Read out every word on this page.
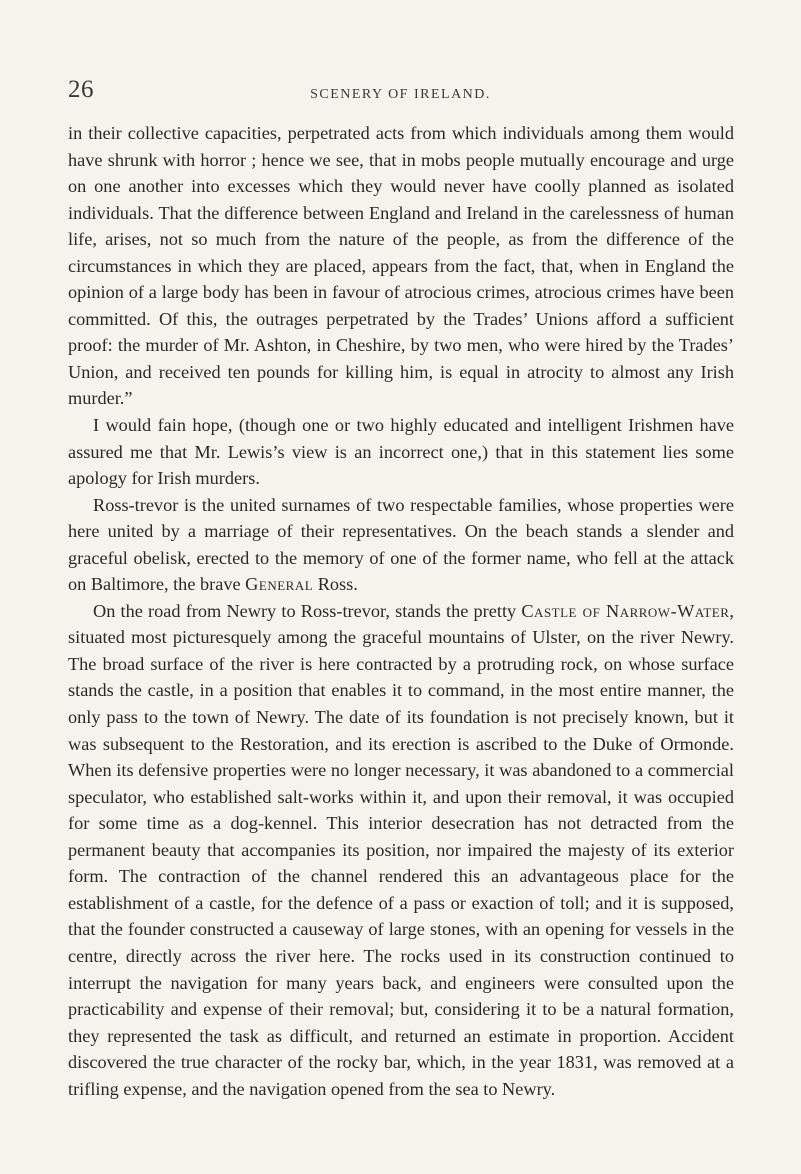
26	SCENERY OF IRELAND.

in their collective capacities, perpetrated acts from which individuals among them would have shrunk with horror ; hence we see, that in mobs people mutually encourage and urge on one another into excesses which they would never have coolly planned as isolated individuals. That the difference between England and Ireland in the carelessness of human life, arises, not so much from the nature of the people, as from the difference of the circumstances in which they are placed, appears from the fact, that, when in England the opinion of a large body has been in favour of atrocious crimes, atrocious crimes have been committed. Of this, the outrages perpetrated by the Trades’ Unions afford a sufficient proof: the murder of Mr. Ashton, in Cheshire, by two men, who were hired by the Trades’ Union, and received ten pounds for killing him, is equal in atrocity to almost any Irish murder.”

I would fain hope, (though one or two highly educated and intelligent Irishmen have assured me that Mr. Lewis’s view is an incorrect one,) that in this statement lies some apology for Irish murders.

Ross-trevor is the united surnames of two respectable families, whose properties were here united by a marriage of their representatives. On the beach stands a slender and graceful obelisk, erected to the memory of one of the former name, who fell at the attack on Baltimore, the brave General Ross.

On the road from Newry to Ross-trevor, stands the pretty Castle of Narrow-Water, situated most picturesquely among the graceful mountains of Ulster, on the river Newry. The broad surface of the river is here contracted by a protruding rock, on whose surface stands the castle, in a position that enables it to command, in the most entire manner, the only pass to the town of Newry. The date of its foundation is not precisely known, but it was subsequent to the Restoration, and its erection is ascribed to the Duke of Ormonde. When its defensive properties were no longer necessary, it was abandoned to a commercial speculator, who established salt-works within it, and upon their removal, it was occupied for some time as a dog-kennel. This interior desecration has not detracted from the permanent beauty that accompanies its position, nor impaired the majesty of its exterior form. The contraction of the channel rendered this an advantageous place for the establishment of a castle, for the defence of a pass or exaction of toll; and it is supposed, that the founder constructed a causeway of large stones, with an opening for vessels in the centre, directly across the river here. The rocks used in its construction continued to interrupt the navigation for many years back, and engineers were consulted upon the practicability and expense of their removal; but, considering it to be a natural formation, they represented the task as difficult, and returned an estimate in proportion. Accident discovered the true character of the rocky bar, which, in the year 1831, was removed at a trifling expense, and the navigation opened from the sea to Newry.
